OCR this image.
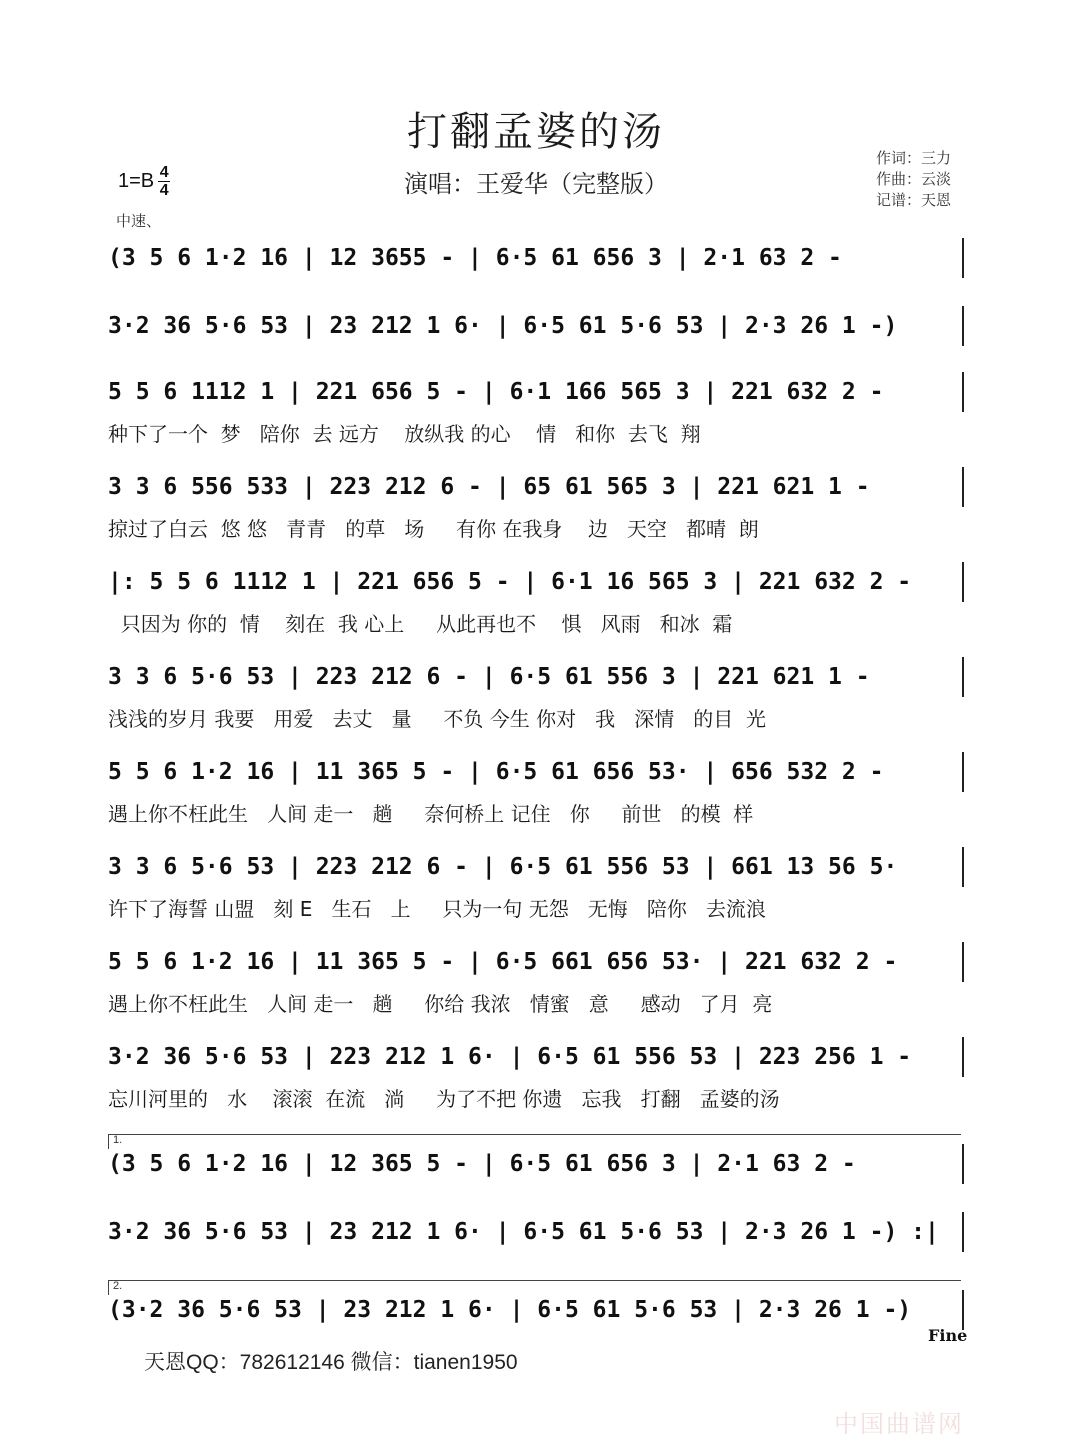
打翻孟婆的汤
演唱：王爱华（完整版）
$1=B \frac{4}{4}$
中速、
作词：三力
作曲：云淡
记谱：天恩
(3 5 6 1·2 16 | 12 3655 - | 6·5 61 656 3 | 2·1 63 2 -
3·2 36 5·6 53 | 23 212 1 6· | 6·5 61 5·6 53 | 2·3 26 1 -)
5 5 6 1112 1 | 221 656 5 - | 6·1 166 565 3 | 221 632 2 -
种下了一个  梦   陪你  去 远方    放纵我 的心    情   和你  去飞  翔
3 3 6 556 533 | 223 212 6 - | 65 61 565 3 | 221 621 1 -
掠过了白云  悠 悠   青青   的草   场     有你 在我身    边   天空   都晴  朗
|: 5 5 6 1112 1 | 221 656 5 - | 6·1 16 565 3 | 221 632 2 -
只因为 你的  情    刻在  我 心上     从此再也不    惧   风雨   和冰  霜
3 3 6 5·6 53 | 223 212 6 - | 6·5 61 556 3 | 221 621 1 -
浅浅的岁月 我要   用爱   去丈   量     不负 今生 你对   我   深情   的目  光
5 5 6 1·2 16 | 11 365 5 - | 6·5 61 656 53· | 656 532 2 -
遇上你不枉此生   人间 走一   趟     奈何桥上 记住   你     前世   的模  样
3 3 6 5·6 53 | 223 212 6 - | 6·5 61 556 53 | 661 13 56 5·
许下了海誓 山盟   刻 E   生石   上     只为一句 无怨   无悔   陪你   去流浪
5 5 6 1·2 16 | 11 365 5 - | 6·5 661 656 53· | 221 632 2 -
遇上你不枉此生   人间 走一   趟     你给 我浓   情蜜   意     感动   了月  亮
3·2 36 5·6 53 | 223 212 1 6· | 6·5 61 556 53 | 223 256 1 -
忘川河里的   水    滚滚  在流   淌     为了不把 你遗   忘我   打翻   孟婆的汤
1.
(3 5 6 1·2 16 | 12 365 5 - | 6·5 61 656 3 | 2·1 63 2 -
3·2 36 5·6 53 | 23 212 1 6· | 6·5 61 5·6 53 | 2·3 26 1 -) :|
2.
(3·2 36 5·6 53 | 23 212 1 6· | 6·5 61 5·6 53 | 2·3 26 1 -)
Fine
天恩QQ：782612146 微信：tianen1950
中国曲谱网
